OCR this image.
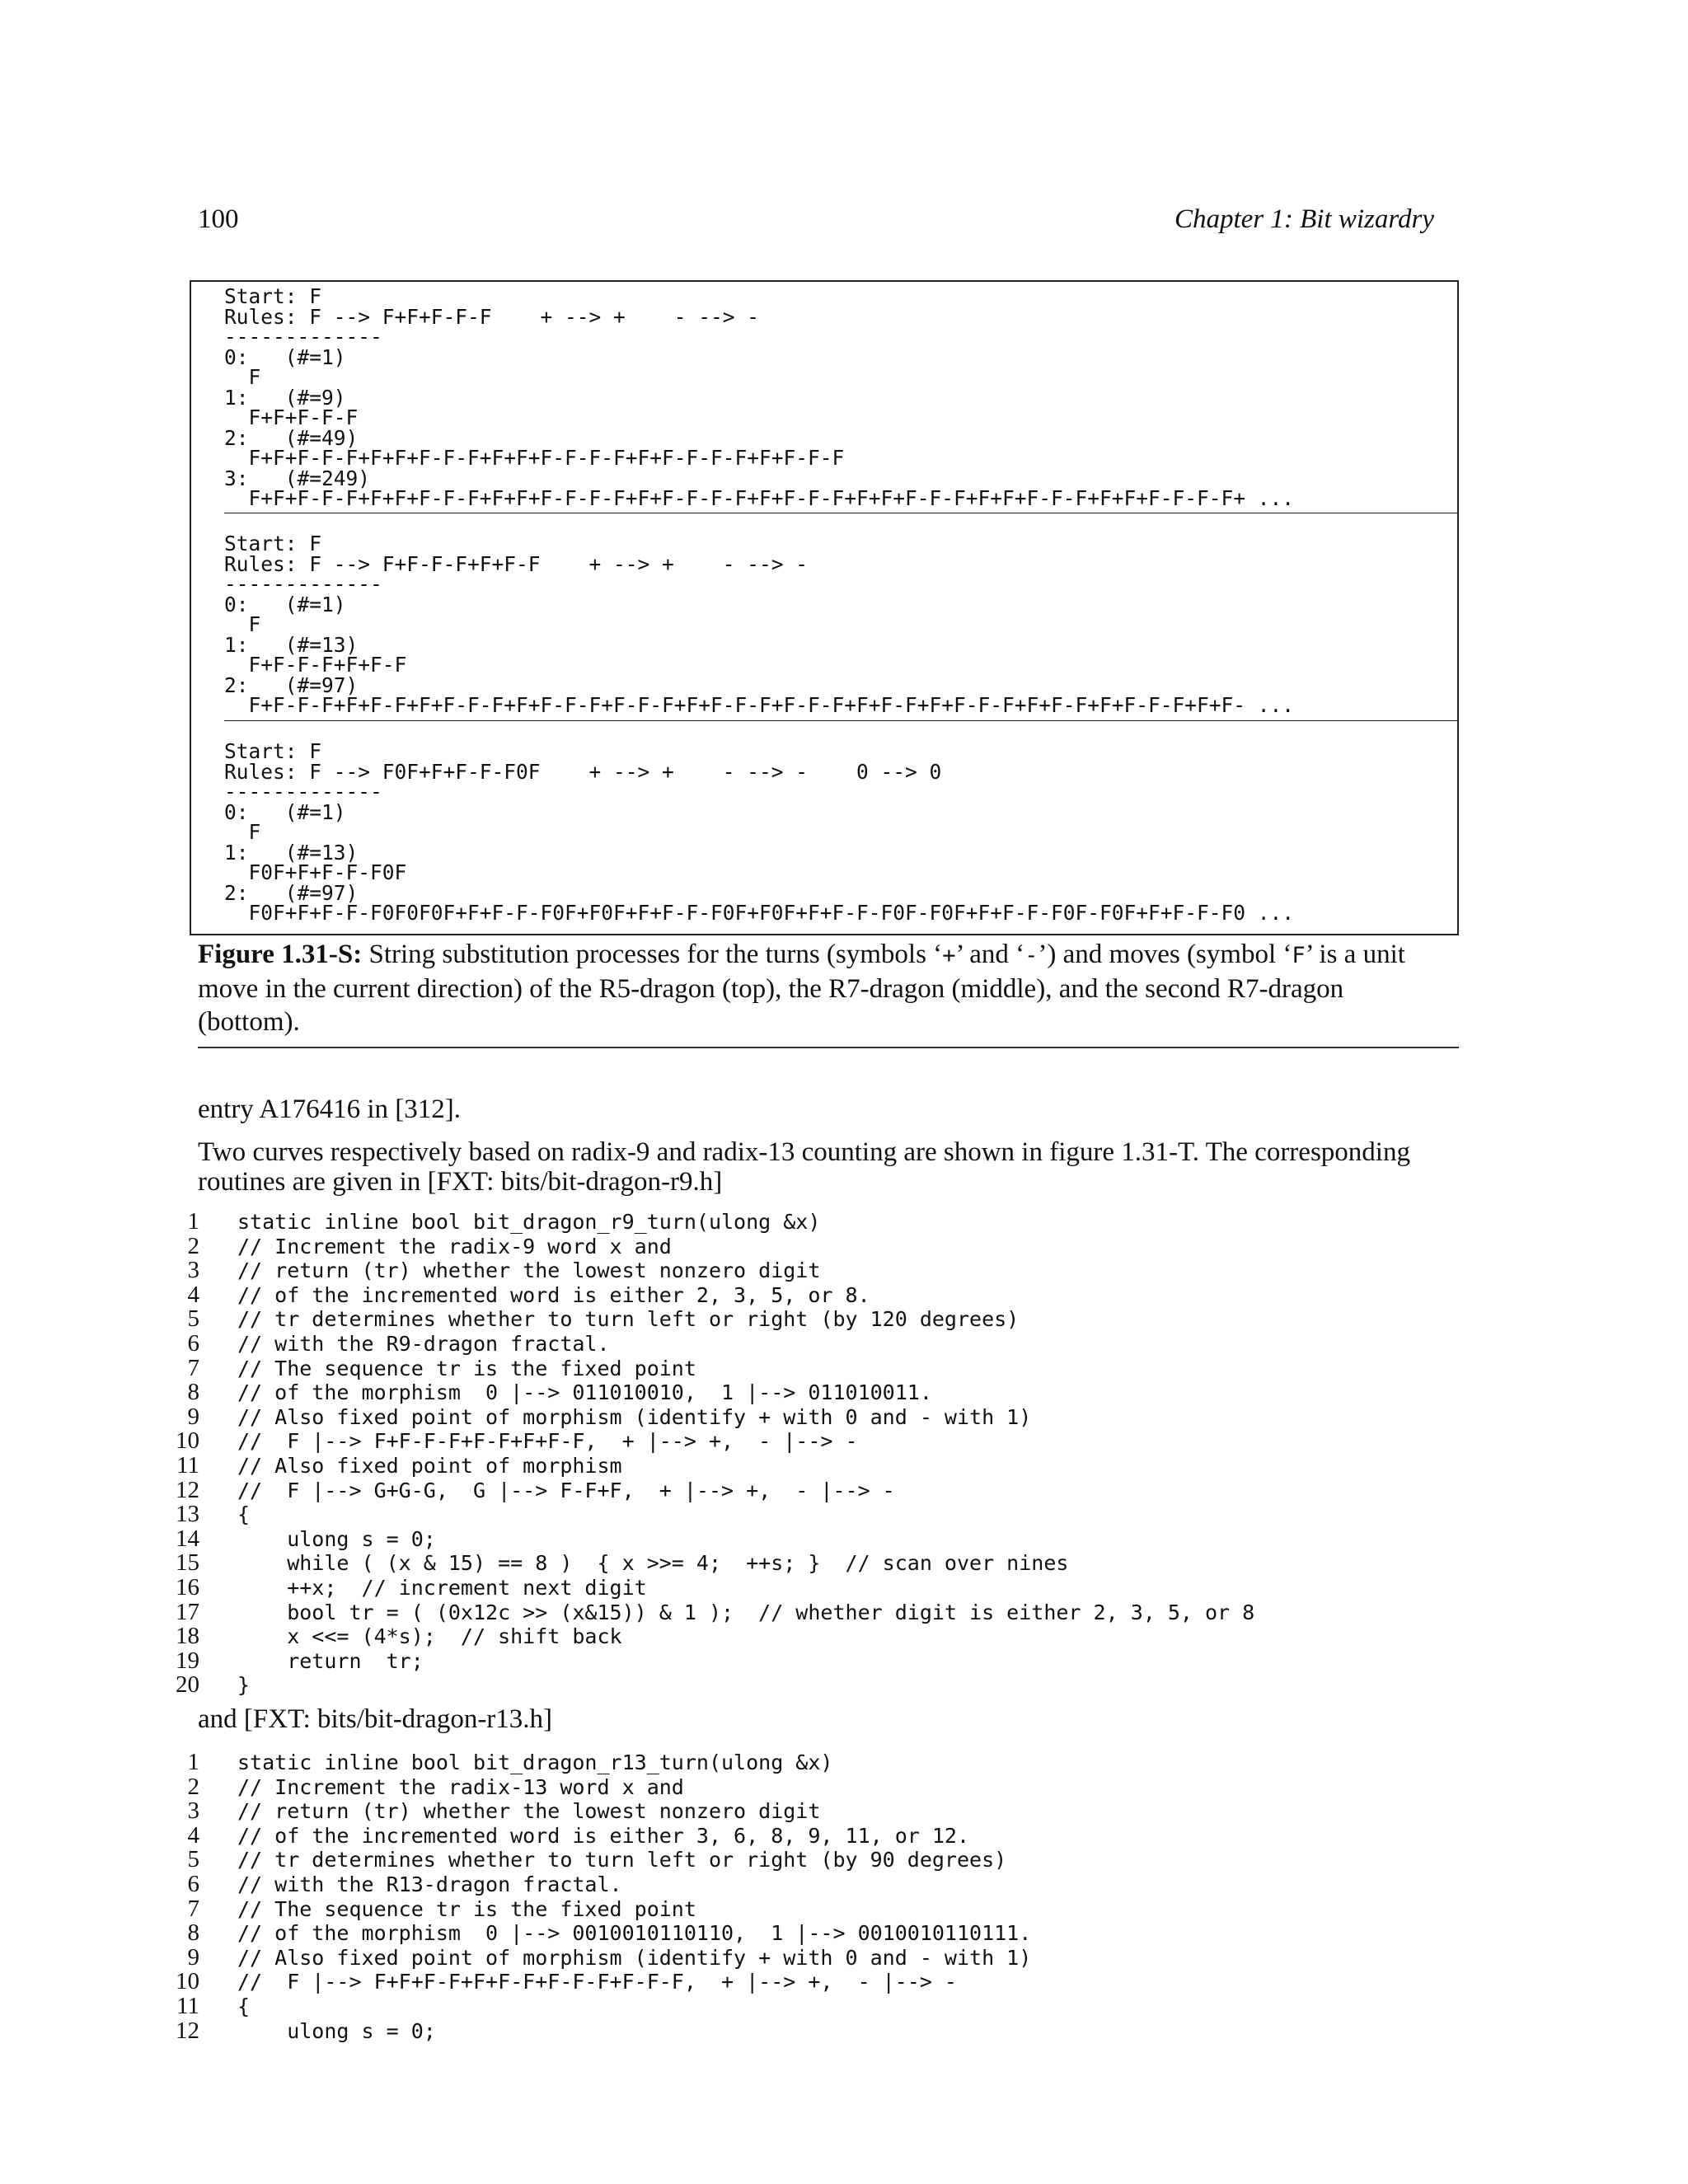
100	Chapter 1: Bit wizardry
Start: F
Rules: F --> F+F+F-F-F    + --> +    - --> -
-------------
0:   (#=1)
F
1:   (#=9)
F+F+F-F-F
2:   (#=49)
F+F+F-F-F+F+F+F-F-F+F+F+F-F-F-F+F+F-F-F-F+F+F-F-F
3:   (#=249)
F+F+F-F-F+F+F+F-F-F+F+F+F-F-F-F+F+F-F-F-F+F+F-F-F+F+F+F-F-F+F+F+F-F-F+F+F+F-F-F-F+ ...
Start: F
Rules: F --> F+F-F-F+F+F-F    + --> +    - --> -
-------------
0:   (#=1)
F
1:   (#=13)
F+F-F-F+F+F-F
2:   (#=97)
F+F-F-F+F+F-F+F+F-F-F+F+F-F-F+F-F-F+F+F-F-F+F-F-F+F+F-F+F+F-F-F+F+F-F+F+F-F-F+F+F- ...
Start: F
Rules: F --> F0F+F+F-F-F0F    + --> +    - --> -    0 --> 0
-------------
0:   (#=1)
F
1:   (#=13)
F0F+F+F-F-F0F
2:   (#=97)
F0F+F+F-F-F0F0F0F+F+F-F-F0F+F0F+F+F-F-F0F+F0F+F+F-F-F0F-F0F+F+F-F-F0F-F0F+F+F-F-F0 ...
Figure 1.31-S: String substitution processes for the turns (symbols ‘+’ and ‘-’) and moves (symbol ‘F’ is a unit move in the current direction) of the R5-dragon (top), the R7-dragon (middle), and the second R7-dragon (bottom).
entry A176416 in [312].
Two curves respectively based on radix-9 and radix-13 counting are shown in figure 1.31-T. The corresponding routines are given in [FXT: bits/bit-dragon-r9.h]
1 static inline bool bit_dragon_r9_turn(ulong &x)
2 // Increment the radix-9 word x and
3 // return (tr) whether the lowest nonzero digit
4 // of the incremented word is either 2, 3, 5, or 8.
5 // tr determines whether to turn left or right (by 120 degrees)
6 // with the R9-dragon fractal.
7 // The sequence tr is the fixed point
8 // of the morphism  0 |--> 011010010,  1 |--> 011010011.
9 // Also fixed point of morphism (identify + with 0 and - with 1)
10 //  F |--> F+F-F-F+F-F+F+F-F,  + |--> +,  - |--> -
11 // Also fixed point of morphism
12 //  F |--> G+G-G,  G |--> F-F+F,  + |--> +,  - |--> -
13 {
14 ulong s = 0;
15 while ( (x & 15) == 8 )  { x >>= 4;  ++s; }  // scan over nines
16 ++x;  // increment next digit
17 bool tr = ( (0x12c >> (x&15)) & 1 );  // whether digit is either 2, 3, 5, or 8
18 x <<= (4*s);  // shift back
19 return  tr;
20 }
and [FXT: bits/bit-dragon-r13.h]
1 static inline bool bit_dragon_r13_turn(ulong &x)
2 // Increment the radix-13 word x and
3 // return (tr) whether the lowest nonzero digit
4 // of the incremented word is either 3, 6, 8, 9, 11, or 12.
5 // tr determines whether to turn left or right (by 90 degrees)
6 // with the R13-dragon fractal.
7 // The sequence tr is the fixed point
8 // of the morphism  0 |--> 0010010110110,  1 |--> 0010010110111.
9 // Also fixed point of morphism (identify + with 0 and - with 1)
10 //  F |--> F+F+F-F+F+F-F+F-F-F+F-F-F,  + |--> +,  - |--> -
11 {
12 ulong s = 0;
